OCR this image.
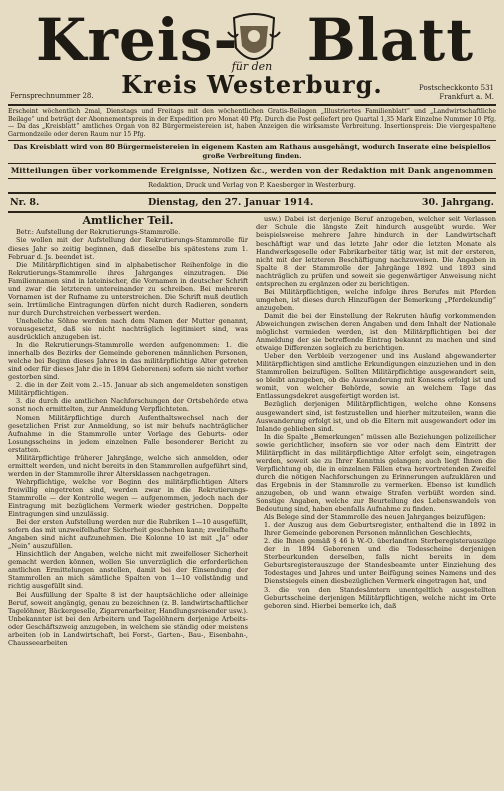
Kreis- Blatt
für den
Kreis Westerburg.
Fernsprechnummer 28.
Postscheckkonto 531
Frankfurt a. M.
Erscheint wöchentlich 2mal, Dienstags und Freitags mit den wöchentlichen Gratis-Beilagen „Illustriertes Familienblatt“ und „Landwirtschaftliche Beilage“ und beträgt der Abonnementspreis in der Expedition pro Monat 40 Pfg. Durch die Post geliefert pro Quartal 1,35 Mark Einzelne Nummer 10 Pfg. — Da das „Kreisblatt“ amtliches Organ von 82 Bürgermeistereien ist, haben Anzeigen die wirksamste Verbreitung. Insertionspreis: Die viergespaltene Garmondzeile oder deren Raum nur 15 Pfg.
Das Kreisblatt wird von 80 Bürgermeistereien in eigenem Kasten am Rathaus ausgehängt, wodurch Inserate eine beispiellos große Verbreitung finden.
Mitteilungen über vorkommende Ereignisse, Notizen &c., werden von der Redaktion mit Dank angenommen
Redaktion, Druck und Verlag von P. Kaesberger in Westerburg.
Nr. 8.	Dienstag, den 27. Januar 1914.	30. Jahrgang.
Amtlicher Teil.

Betr.: Aufstellung der Rekrutierungs-Stammrolle.

Sie wollen mit der Aufstellung der Rekrutierungs-Stammrolle für dieses Jahr so zeitig beginnen, daß dieselbe bis spätestens zum 1. Februar d. Js. beendet ist.

Die Militärpflichtigen sind in alphabetischer Reihenfolge in die Rekrutierungs-Stammrolle ihres Jahrganges einzutragen. Die Familiennamen sind in lateinischer, die Vornamen in deutscher Schrift und zwar die letzteren untereinander zu schreiben. Bei mehreren Vornamen ist der Rufname zu unterstreichen. Die Schrift muß deutlich sein. Irrtümliche Eintragungen dürfen nicht durch Radieren, sondern nur durch Durchstreichen verbessert werden.

Uneheliche Söhne werden nach dem Namen der Mutter genannt, vorausgesetzt, daß sie nicht nachträglich legitimiert sind, was ausdrücklich anzugeben ist.

In die Rekrutierungs-Stammrolle werden aufgenommen: 1. die innerhalb des Bezirks der Gemeinde geborenen männlichen Personen, welche bei Beginn dieses Jahres in das militärpflichtige Alter getreten sind oder für dieses Jahr die in 1894 Geborenen) sofern sie nicht vorher gestorben sind.

2. die in der Zeit vom 2.–15. Januar ab sich angemeldeten sonstigen Militärpflichtigen.

3. die durch die amtlichen Nachforschungen der Ortsbehörde etwa sonst noch ermittelten, zur Anmeldung Verpflichteten.

Nomen Militärpflichtige durch Aufenthaltswechsel nach der gesetzlichen Frist zur Anmeldung, so ist mir behufs nachträglicher Aufnahme in die Stammrolle unter Vorlage des Geburts- oder Losungsscheins in jedem einzelnen Falle besonderer Bericht zu erstatten.

Militärpflichtige früherer Jahrgänge, welche sich anmelden, oder ermittelt werden, und nicht bereits in den Stammrollen aufgeführt sind, werden in der Stammrolle ihrer Altersklassen nachgetragen.

Wehrpflichtige, welche vor Beginn des militärpflichtigen Alters freiwillig eingetreten sind, werden zwar in die Rekrutierungs-Stammrolle — der Kontrolle wegen — aufgenommen, jedoch nach der Eintragung mit bezüglichem Vermerk wieder gestrichen. Doppelte Eintragungen sind unzulässig.

Bei der ersten Aufstellung werden nur die Rubriken 1—10 ausgefüllt, sofern das mit unzweifelhafter Sicherheit geschehen kann; zweifelhafte Angaben sind nicht aufzunehmen. Die Kolonne 10 ist mit „Ja“ oder „Nein“ auszufüllen.

Hinsichtlich der Angaben, welche nicht mit zweifelloser Sicherheit gemacht werden können, wollen Sie unverzüglich die erforderlichen amtlichen Ermittelungen anstellen, damit bei der Einsendung der Stammrollen an mich sämtliche Spalten von 1—10 vollständig und richtig ausgefüllt sind.

Bei Ausfüllung der Spalte 8 ist der hauptsächliche oder alleinige Beruf, soweit angängig, genau zu bezeichnen (z. B. landwirtschaftlicher Tagelöhner, Bäckergeselle, Zigarrenarbeiter, Handlungsreisender usw.). Unbekannter ist bei den Arbeitern und Tagelöhnern derjenige Arbeits- oder Geschäftszweig anzugeben, in welchem sie ständig oder meistens arbeiten (ob in Landwirtschaft, bei Forst-, Garten-, Bau-, Eisenbahn-, Chausseearbeiten

usw.) Dabei ist derjenige Beruf anzugeben, welcher seit Verlassen der Schule die längste Zeit hindurch ausgeübt wurde. Wer beispielsweise mehrere Jahre hindurch in der Landwirtschaft beschäftigt war und das letzte Jahr oder die letzten Monate als Handwerksgeselle oder Fabrikarbeiter tätig war, ist mit der ersteren, nicht mit der letzteren Beschäftigung nachzuweisen. Die Angaben in Spalte 8 der Stammrolle der Jahrgänge 1892 und 1893 sind nachträglich zu prüfen und soweit sie gegenwärtiger Anweisung nicht entsprechen zu ergänzen oder zu berichtigen.

Bei Militärpflichtigen, welche infolge ihres Berufes mit Pferden umgehen, ist dieses durch Hinzufügen der Bemerkung „Pferdekundig“ anzugeben.

Damit die bei der Einstellung der Rekruten häufig vorkommenden Abweichungen zwischen deren Angaben und dem Inhalt der Nationale möglichst vermieden werden, ist den Militärpflichtigen bei der Anmeldung der sie betreffende Eintrag bekannt zu machen und sind etwaige Differenzen sogleich zu berichtigen.

Ueber den Verbleib verzogener und ins Ausland abgewanderter Militärpflichtigen sind amtliche Erkundigungen einzuziehen und in den Stammrollen beizufügen. Sollten Militärpflichtige ausgewandert sein, so bleibt anzugeben, ob die Auswanderung mit Konsens erfolgt ist und womit, von welcher Behörde, sowie an welchem Tage das Entlassungsdekret ausgefertigt worden ist.

Bezüglich derjenigen Militärpflichtigen, welche ohne Konsens ausgewandert sind, ist festzustellen und hierher mitzuteilen, wann die Auswanderung erfolgt ist, und ob die Eltern mit ausgewandert oder im Inlande geblieben sind.

In die Spalte „Bemerkungen“ müssen alle Beziehungen polizeilicher sowie gerichtlicher, insofern sie vor oder nach dem Eintritt der Militärpflicht in das militärpflichtige Alter erfolgt sein, eingetragen werden, soweit sie zu Ihrer Kenntnis gelangen; auch liegt Ihnen die Verpflichtung ob, die in einzelnen Fällen etwa hervortretenden Zweifel durch die nötigen Nachforschungen zu Erinnerungen aufzuklären und das Ergebnis in der Stammrolle zu vermerken. Ebenso ist kundlich anzugeben, ob und wann etwaige Strafen verbüßt worden sind. Sonstige Angaben, welche zur Beurteilung des Lebenswandels von Bedeutung sind, haben ebenfalls Aufnahme zu finden.

Als Belege sind der Stammrolle des neuen Jahrganges beizufügen:

1. der Auszug aus dem Geburtsregister, enthaltend die in 1892 in Ihrer Gemeinde geborenen Personen männlichen Geschlechts,

2. die Ihnen gemäß § 46 b W.-O. überlandten Sterberegisterauszüge der in 1894 Geborenen und die Todesscheine derjenigen Sterbeurkunden derselben, falls nicht bereits in dem Geburtsregisterauszuge der Standesbeamte unter Einziehung des Todestages und Jahres und unter Beifügung seines Namens und des Dienstsiegels einen diesbezüglichen Vermerk eingetragen hat, und

3. die von den Standesämtern unentgeltlich ausgestellten Geburtsscheine derjenigen Militärpflichtigen, welche nicht im Orte geboren sind. Hierbei bemerke ich, daß
